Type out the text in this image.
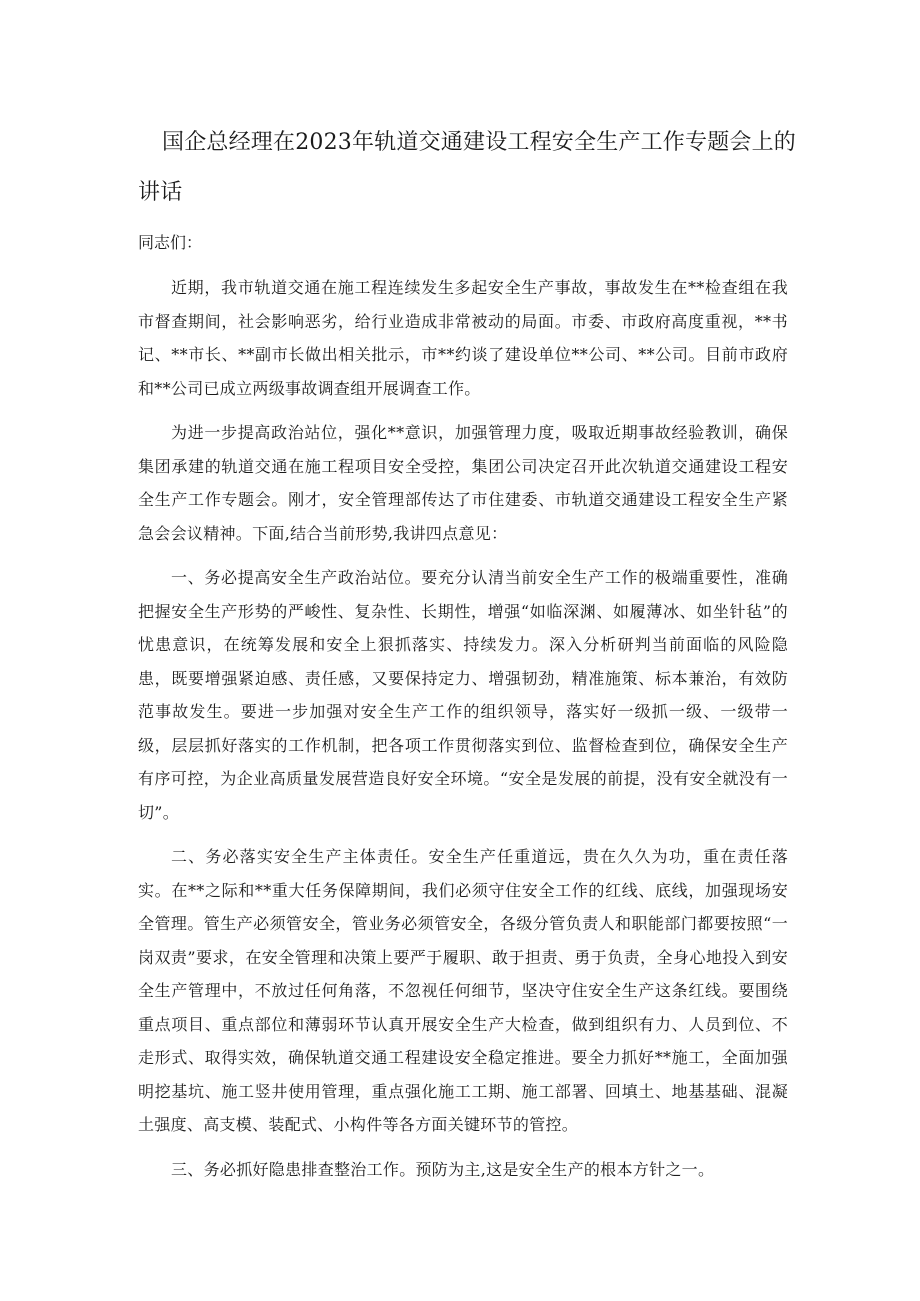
国企总经理在2023年轨道交通建设工程安全生产工作专题会上的讲话

同志们：

近期，我市轨道交通在施工程连续发生多起安全生产事故，事故发生在**检查组在我市督查期间，社会影响恶劣，给行业造成非常被动的局面。市委、市政府高度重视，**书记、**市长、**副市长做出相关批示，市**约谈了建设单位**公司、**公司。目前市政府和**公司已成立两级事故调查组开展调查工作。

为进一步提高政治站位，强化**意识，加强管理力度，吸取近期事故经验教训，确保集团承建的轨道交通在施工程项目安全受控，集团公司决定召开此次轨道交通建设工程安全生产工作专题会。刚才，安全管理部传达了市住建委、市轨道交通建设工程安全生产紧急会会议精神。下面,结合当前形势,我讲四点意见：

一、务必提高安全生产政治站位。要充分认清当前安全生产工作的极端重要性，准确把握安全生产形势的严峻性、复杂性、长期性，增强“如临深渊、如履薄冰、如坐针毡”的忧患意识，在统筹发展和安全上狠抓落实、持续发力。深入分析研判当前面临的风险隐患，既要增强紧迫感、责任感，又要保持定力、增强韧劲，精准施策、标本兼治，有效防范事故发生。要进一步加强对安全生产工作的组织领导，落实好一级抓一级、一级带一级，层层抓好落实的工作机制，把各项工作贯彻落实到位、监督检查到位，确保安全生产有序可控，为企业高质量发展营造良好安全环境。“安全是发展的前提，没有安全就没有一切”。

二、务必落实安全生产主体责任。安全生产任重道远，贵在久久为功，重在责任落实。在**之际和**重大任务保障期间，我们必须守住安全工作的红线、底线，加强现场安全管理。管生产必须管安全，管业务必须管安全，各级分管负责人和职能部门都要按照“一岗双责”要求，在安全管理和决策上要严于履职、敢于担责、勇于负责，全身心地投入到安全生产管理中，不放过任何角落，不忽视任何细节，坚决守住安全生产这条红线。要围绕重点项目、重点部位和薄弱环节认真开展安全生产大检查，做到组织有力、人员到位、不走形式、取得实效，确保轨道交通工程建设安全稳定推进。要全力抓好**施工，全面加强明挖基坑、施工竖井使用管理，重点强化施工工期、施工部署、回填土、地基基础、混凝土强度、高支模、装配式、小构件等各方面关键环节的管控。

三、务必抓好隐患排查整治工作。预防为主,这是安全生产的根本方针之一。
